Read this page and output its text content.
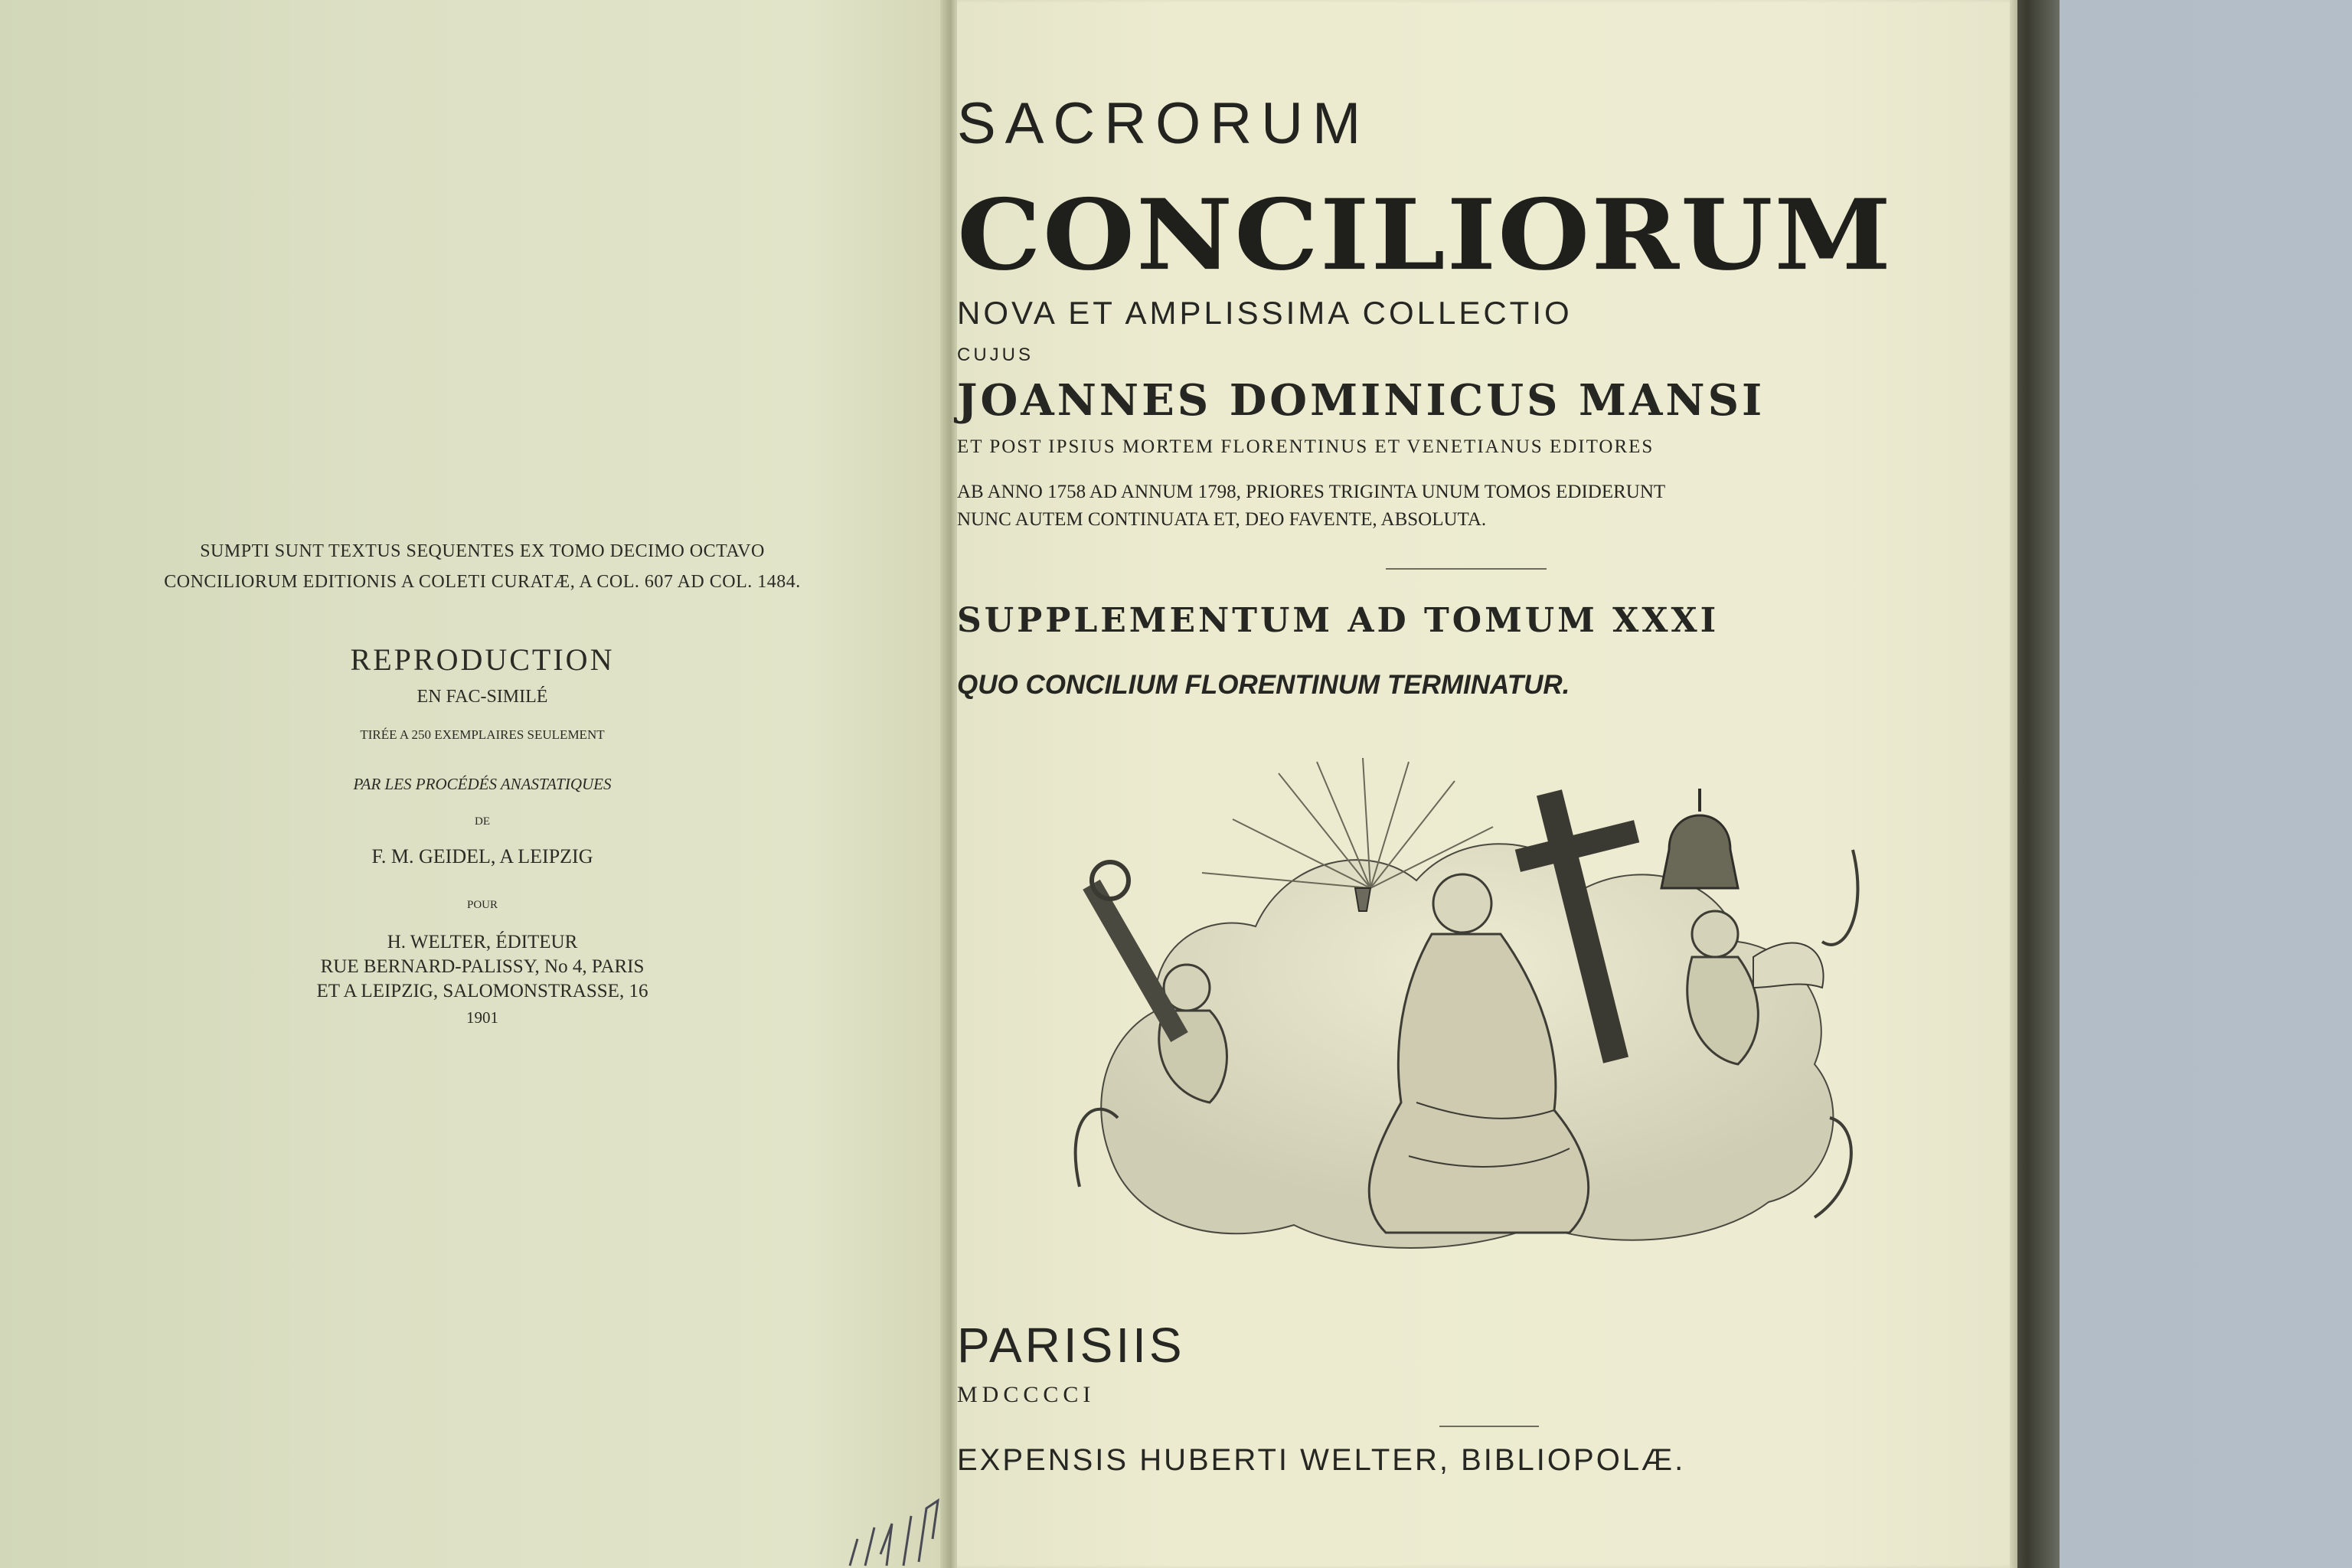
SUMPTI SUNT TEXTUS SEQUENTES EX TOMO DECIMO OCTAVO

CONCILIORUM EDITIONIS A COLETI CURATÆ, A COL. 607 AD COL. 1484.

REPRODUCTION
EN FAC-SIMILÉ
TIRÉE A 250 EXEMPLAIRES SEULEMENT
PAR LES PROCÉDÉS ANASTATIQUES
DE
F. M. GEIDEL, A LEIPZIG
POUR
H. WELTER, ÉDITEUR
RUE BERNARD-PALISSY, No 4, PARIS
ET A LEIPZIG, SALOMONSTRASSE, 16
1901
SACRORUM
CONCILIORUM
NOVA ET AMPLISSIMA COLLECTIO
CUJUS
JOANNES DOMINICUS MANSI
ET POST IPSIUS MORTEM FLORENTINUS ET VENETIANUS EDITORES
AB ANNO 1758 AD ANNUM 1798, PRIORES TRIGINTA UNUM TOMOS EDIDERUNT
NUNC AUTEM CONTINUATA ET, DEO FAVENTE, ABSOLUTA.
SUPPLEMENTUM AD TOMUM XXXI
QUO CONCILIUM FLORENTINUM TERMINATUR.
PARISIIS
MDCCCCI
EXPENSIS HUBERTI WELTER, BIBLIOPOLÆ.
